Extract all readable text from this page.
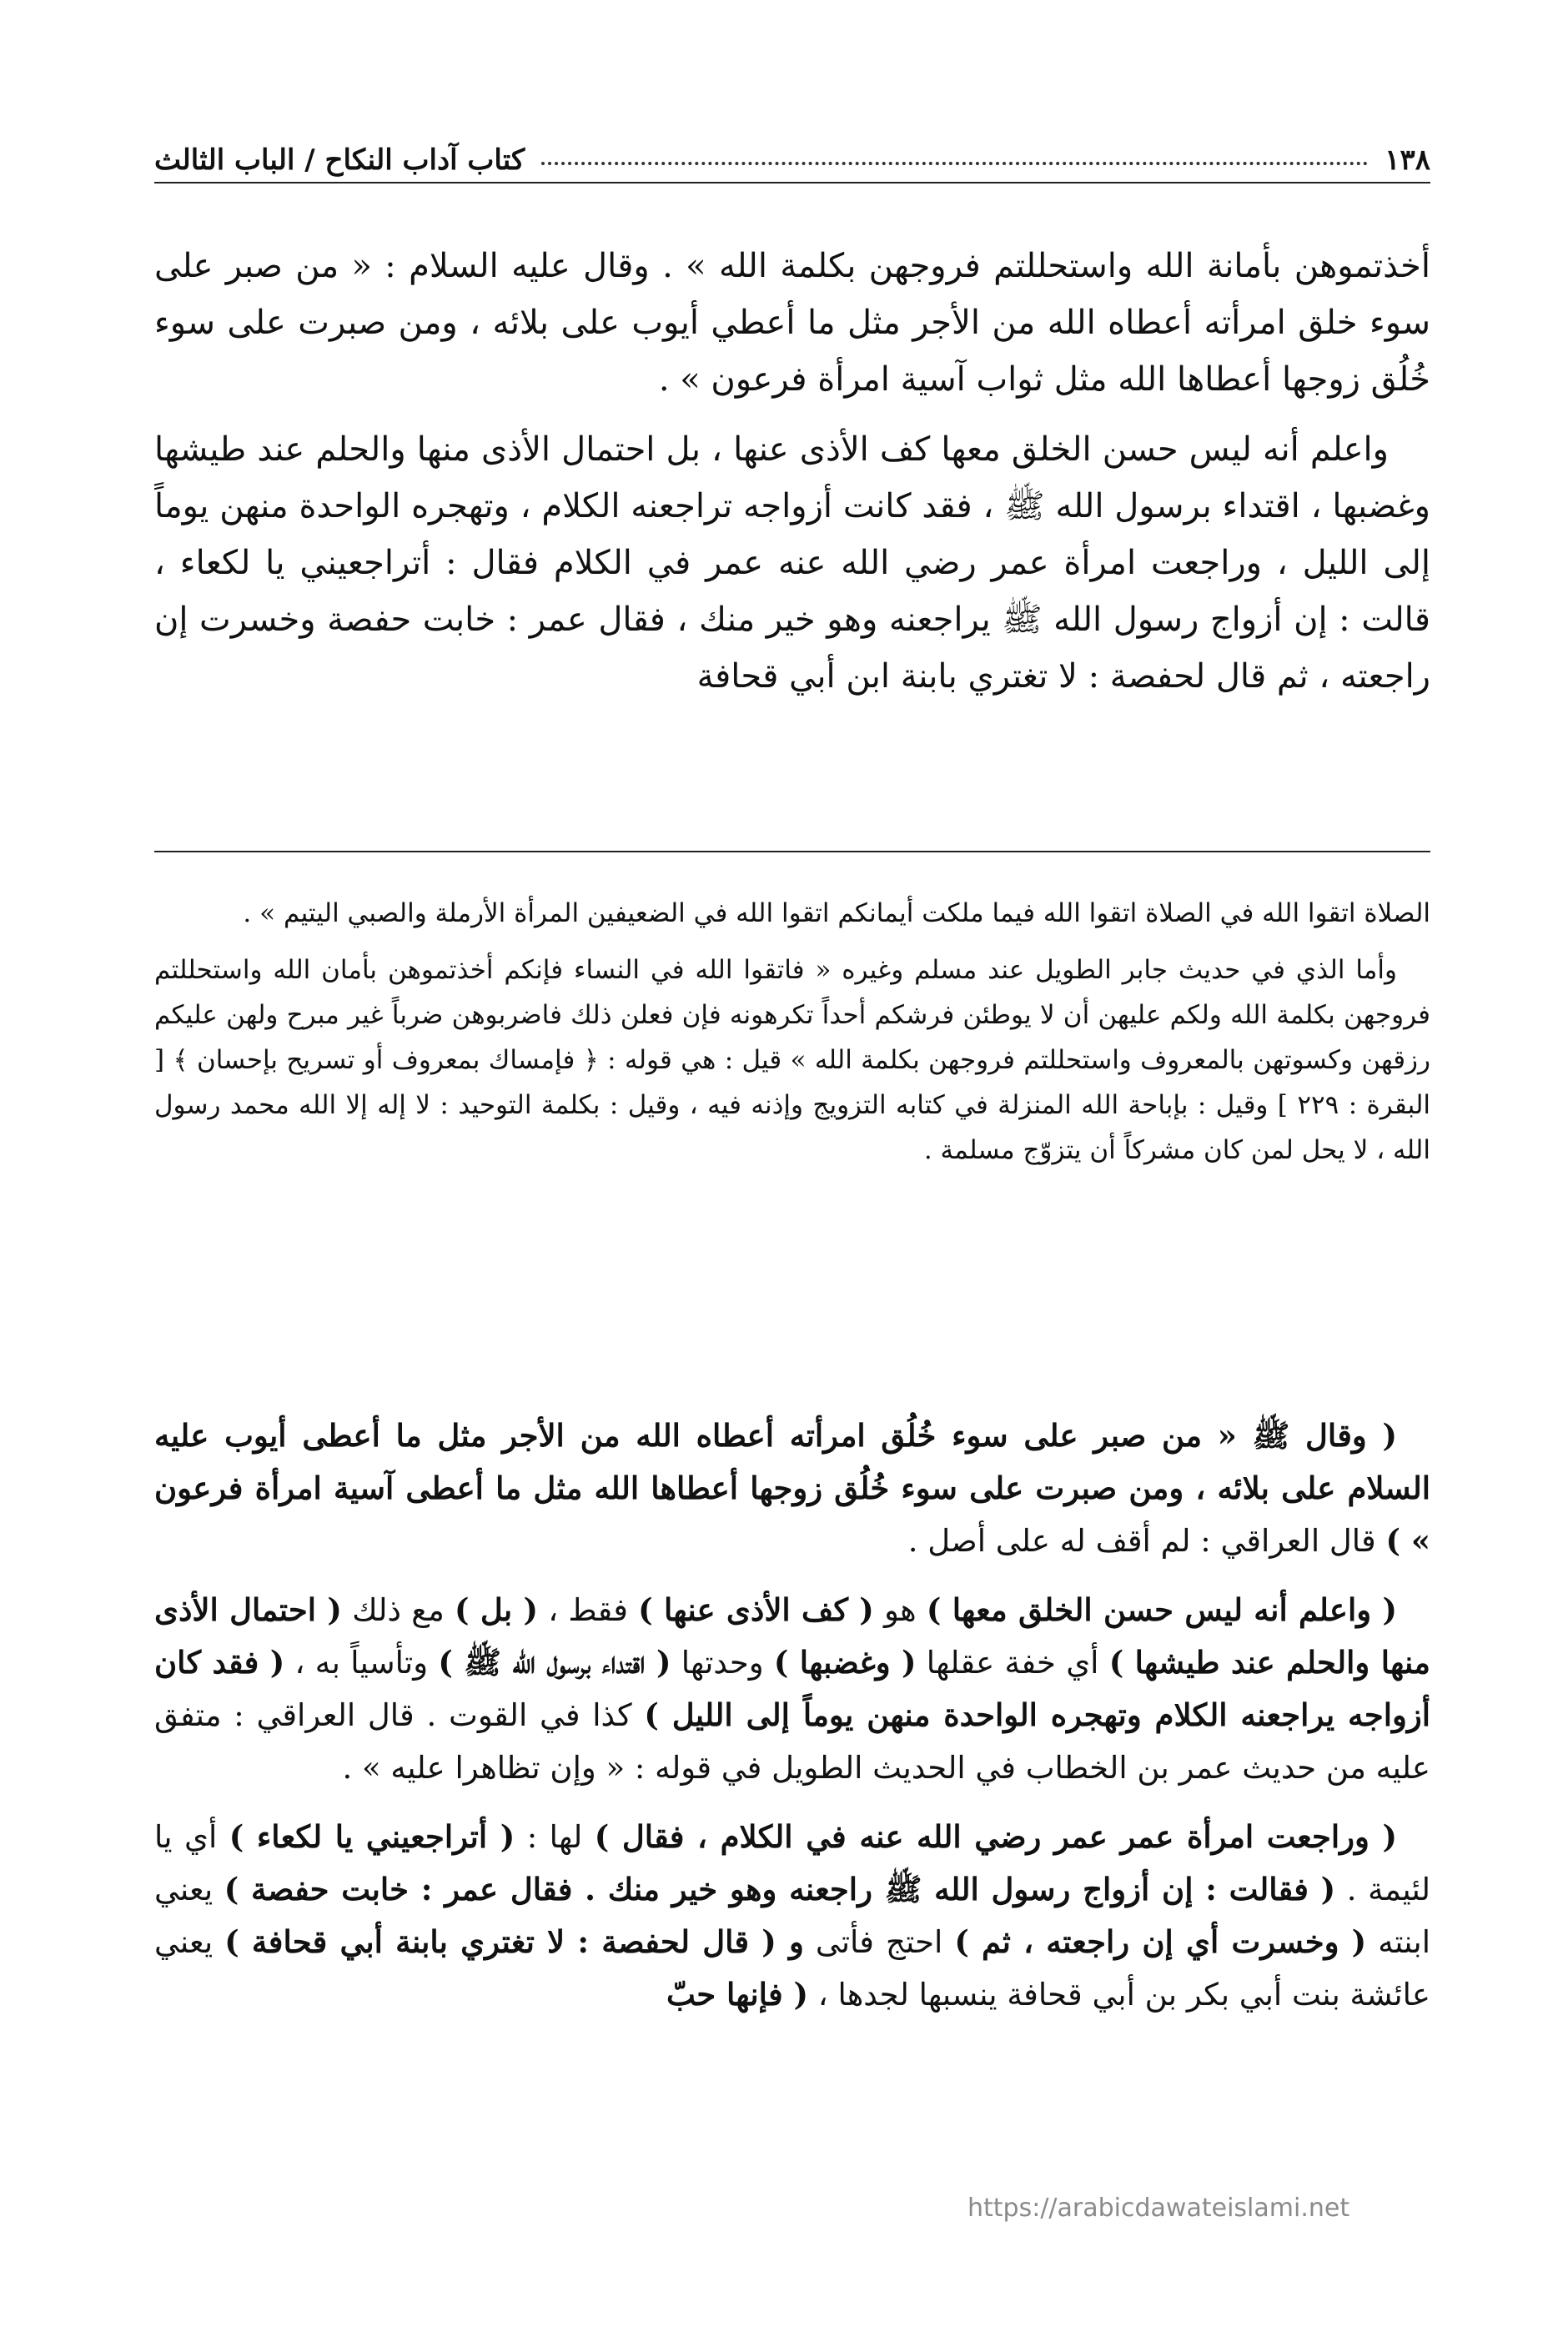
١٣٨
كتاب آداب النكاح / الباب الثالث

أخذتموهن بأمانة الله واستحللتم فروجهن بكلمة الله » . وقال عليه السلام : « من صبر على سوء خلق امرأته أعطاه الله من الأجر مثل ما أعطي أيوب على بلائه ، ومن صبرت على سوء خُلُق زوجها أعطاها الله مثل ثواب آسية امرأة فرعون » .

واعلم أنه ليس حسن الخلق معها كف الأذى عنها ، بل احتمال الأذى منها والحلم عند طيشها وغضبها ، اقتداء برسول الله ﷺ ، فقد كانت أزواجه تراجعنه الكلام ، وتهجره الواحدة منهن يوماً إلى الليل ، وراجعت امرأة عمر رضي الله عنه عمر في الكلام فقال : أتراجعيني يا لكعاء ، قالت : إن أزواج رسول الله ﷺ يراجعنه وهو خير منك ، فقال عمر : خابت حفصة وخسرت إن راجعته ، ثم قال لحفصة : لا تغتري بابنة ابن أبي قحافة

الصلاة اتقوا الله في الصلاة اتقوا الله فيما ملكت أيمانكم اتقوا الله في الضعيفين المرأة الأرملة والصبي اليتيم » .

وأما الذي في حديث جابر الطويل عند مسلم وغيره « فاتقوا الله في النساء فإنكم أخذتموهن بأمان الله واستحللتم فروجهن بكلمة الله ولكم عليهن أن لا يوطئن فرشكم أحداً تكرهونه فإن فعلن ذلك فاضربوهن ضرباً غير مبرح ولهن عليكم رزقهن وكسوتهن بالمعروف واستحللتم فروجهن بكلمة الله » قيل : هي قوله : ﴿ فإمساك بمعروف أو تسريح بإحسان ﴾ [ البقرة : ٢٢٩ ] وقيل : بإباحة الله المنزلة في كتابه التزويج وإذنه فيه ، وقيل : بكلمة التوحيد : لا إله إلا الله محمد رسول الله ، لا يحل لمن كان مشركاً أن يتزوّج مسلمة .

( وقال ﷺ « من صبر على سوء خُلُق امرأته أعطاه الله من الأجر مثل ما أعطى أيوب عليه السلام على بلائه ، ومن صبرت على سوء خُلُق زوجها أعطاها الله مثل ما أعطى آسية امرأة فرعون » ) قال العراقي : لم أقف له على أصل .

( واعلم أنه ليس حسن الخلق معها ) هو ( كف الأذى عنها ) فقط ، ( بل ) مع ذلك ( احتمال الأذى منها والحلم عند طيشها ) أي خفة عقلها ( وغضبها ) وحدتها ( اقتداء برسول الله ﷺ ) وتأسياً به ، ( فقد كان أزواجه يراجعنه الكلام وتهجره الواحدة منهن يوماً إلى الليل ) كذا في القوت . قال العراقي : متفق عليه من حديث عمر بن الخطاب في الحديث الطويل في قوله : « وإن تظاهرا عليه » .

( وراجعت امرأة عمر عمر رضي الله عنه في الكلام ، فقال ) لها : ( أتراجعيني يا لكعاء ) أي يا لئيمة . ( فقالت : إن أزواج رسول الله ﷺ راجعنه وهو خير منك . فقال عمر : خابت حفصة ) يعني ابنته ( وخسرت أي إن راجعته ، ثم ) احتج فأتى و ( قال لحفصة : لا تغتري بابنة أبي قحافة ) يعني عائشة بنت أبي بكر بن أبي قحافة ينسبها لجدها ، ( فإنها حبّ

https://arabicdawateislami.net
